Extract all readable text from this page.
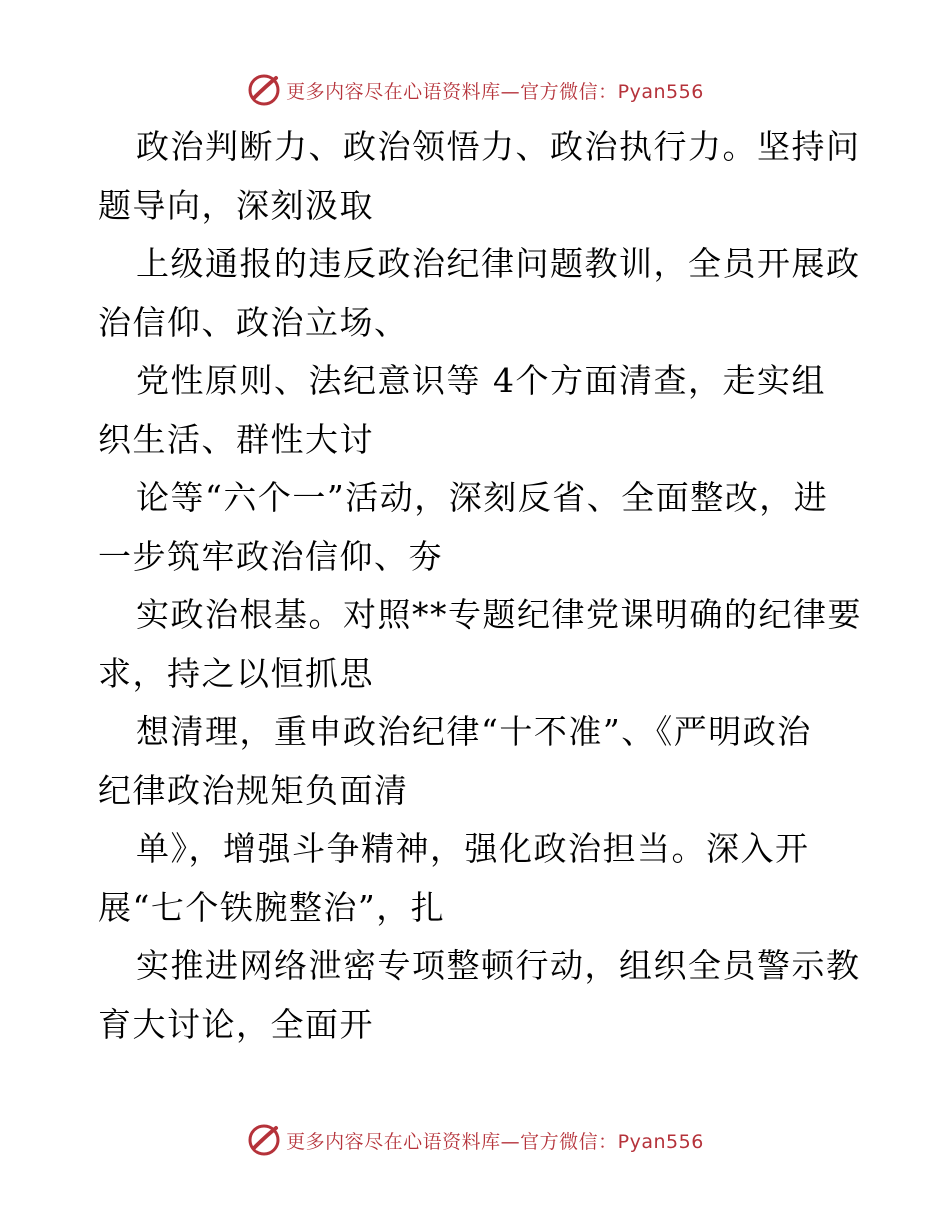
更多内容尽在心语资料库—官方微信：Pyan556
政治判断力、政治领悟力、政治执行力。坚持问
题导向，深刻汲取
上级通报的违反政治纪律问题教训，全员开展政
治信仰、政治立场、
党性原则、法纪意识等 4个方面清查，走实组
织生活、群性大讨
论等“六个一”活动，深刻反省、全面整改，进
一步筑牢政治信仰、夯
实政治根基。对照**专题纪律党课明确的纪律要
求，持之以恒抓思
想清理，重申政治纪律“十不准”、《严明政治
纪律政治规矩负面清
单》，增强斗争精神，强化政治担当。深入开
展“七个铁腕整治”，扎
实推进网络泄密专项整顿行动，组织全员警示教
育大讨论，全面开
更多内容尽在心语资料库—官方微信：Pyan556
